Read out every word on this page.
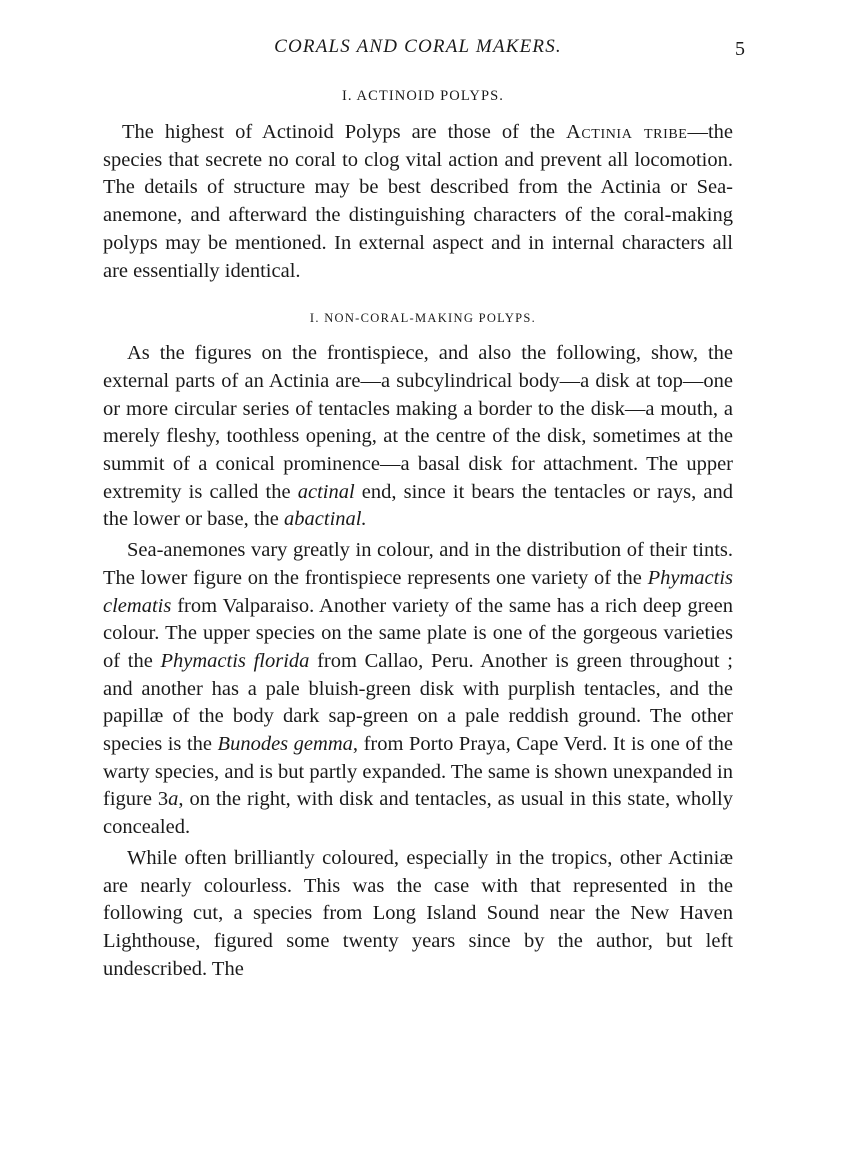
CORALS AND CORAL MAKERS.	5
I. ACTINOID POLYPS.

The highest of Actinoid Polyps are those of the Actinia tribe—the species that secrete no coral to clog vital action and prevent all locomotion. The details of structure may be best described from the Actinia or Sea-anemone, and afterward the distinguishing characters of the coral-making polyps may be mentioned. In external aspect and in internal characters all are essentially identical.

I. NON-CORAL-MAKING POLYPS.

As the figures on the frontispiece, and also the following, show, the external parts of an Actinia are—a subcylindrical body—a disk at top—one or more circular series of tentacles making a border to the disk—a mouth, a merely fleshy, toothless opening, at the centre of the disk, sometimes at the summit of a conical prominence—a basal disk for attachment. The upper extremity is called the actinal end, since it bears the tentacles or rays, and the lower or base, the abactinal.

Sea-anemones vary greatly in colour, and in the distribution of their tints. The lower figure on the frontispiece represents one variety of the Phymactis clematis from Valparaiso. Another variety of the same has a rich deep green colour. The upper species on the same plate is one of the gorgeous varieties of the Phymactis florida from Callao, Peru. Another is green throughout ; and another has a pale bluish-green disk with purplish tentacles, and the papillæ of the body dark sap-green on a pale reddish ground. The other species is the Bunodes gemma, from Porto Praya, Cape Verd. It is one of the warty species, and is but partly expanded. The same is shown unexpanded in figure 3a, on the right, with disk and tentacles, as usual in this state, wholly concealed.

While often brilliantly coloured, especially in the tropics, other Actiniæ are nearly colourless. This was the case with that represented in the following cut, a species from Long Island Sound near the New Haven Lighthouse, figured some twenty years since by the author, but left undescribed. The
